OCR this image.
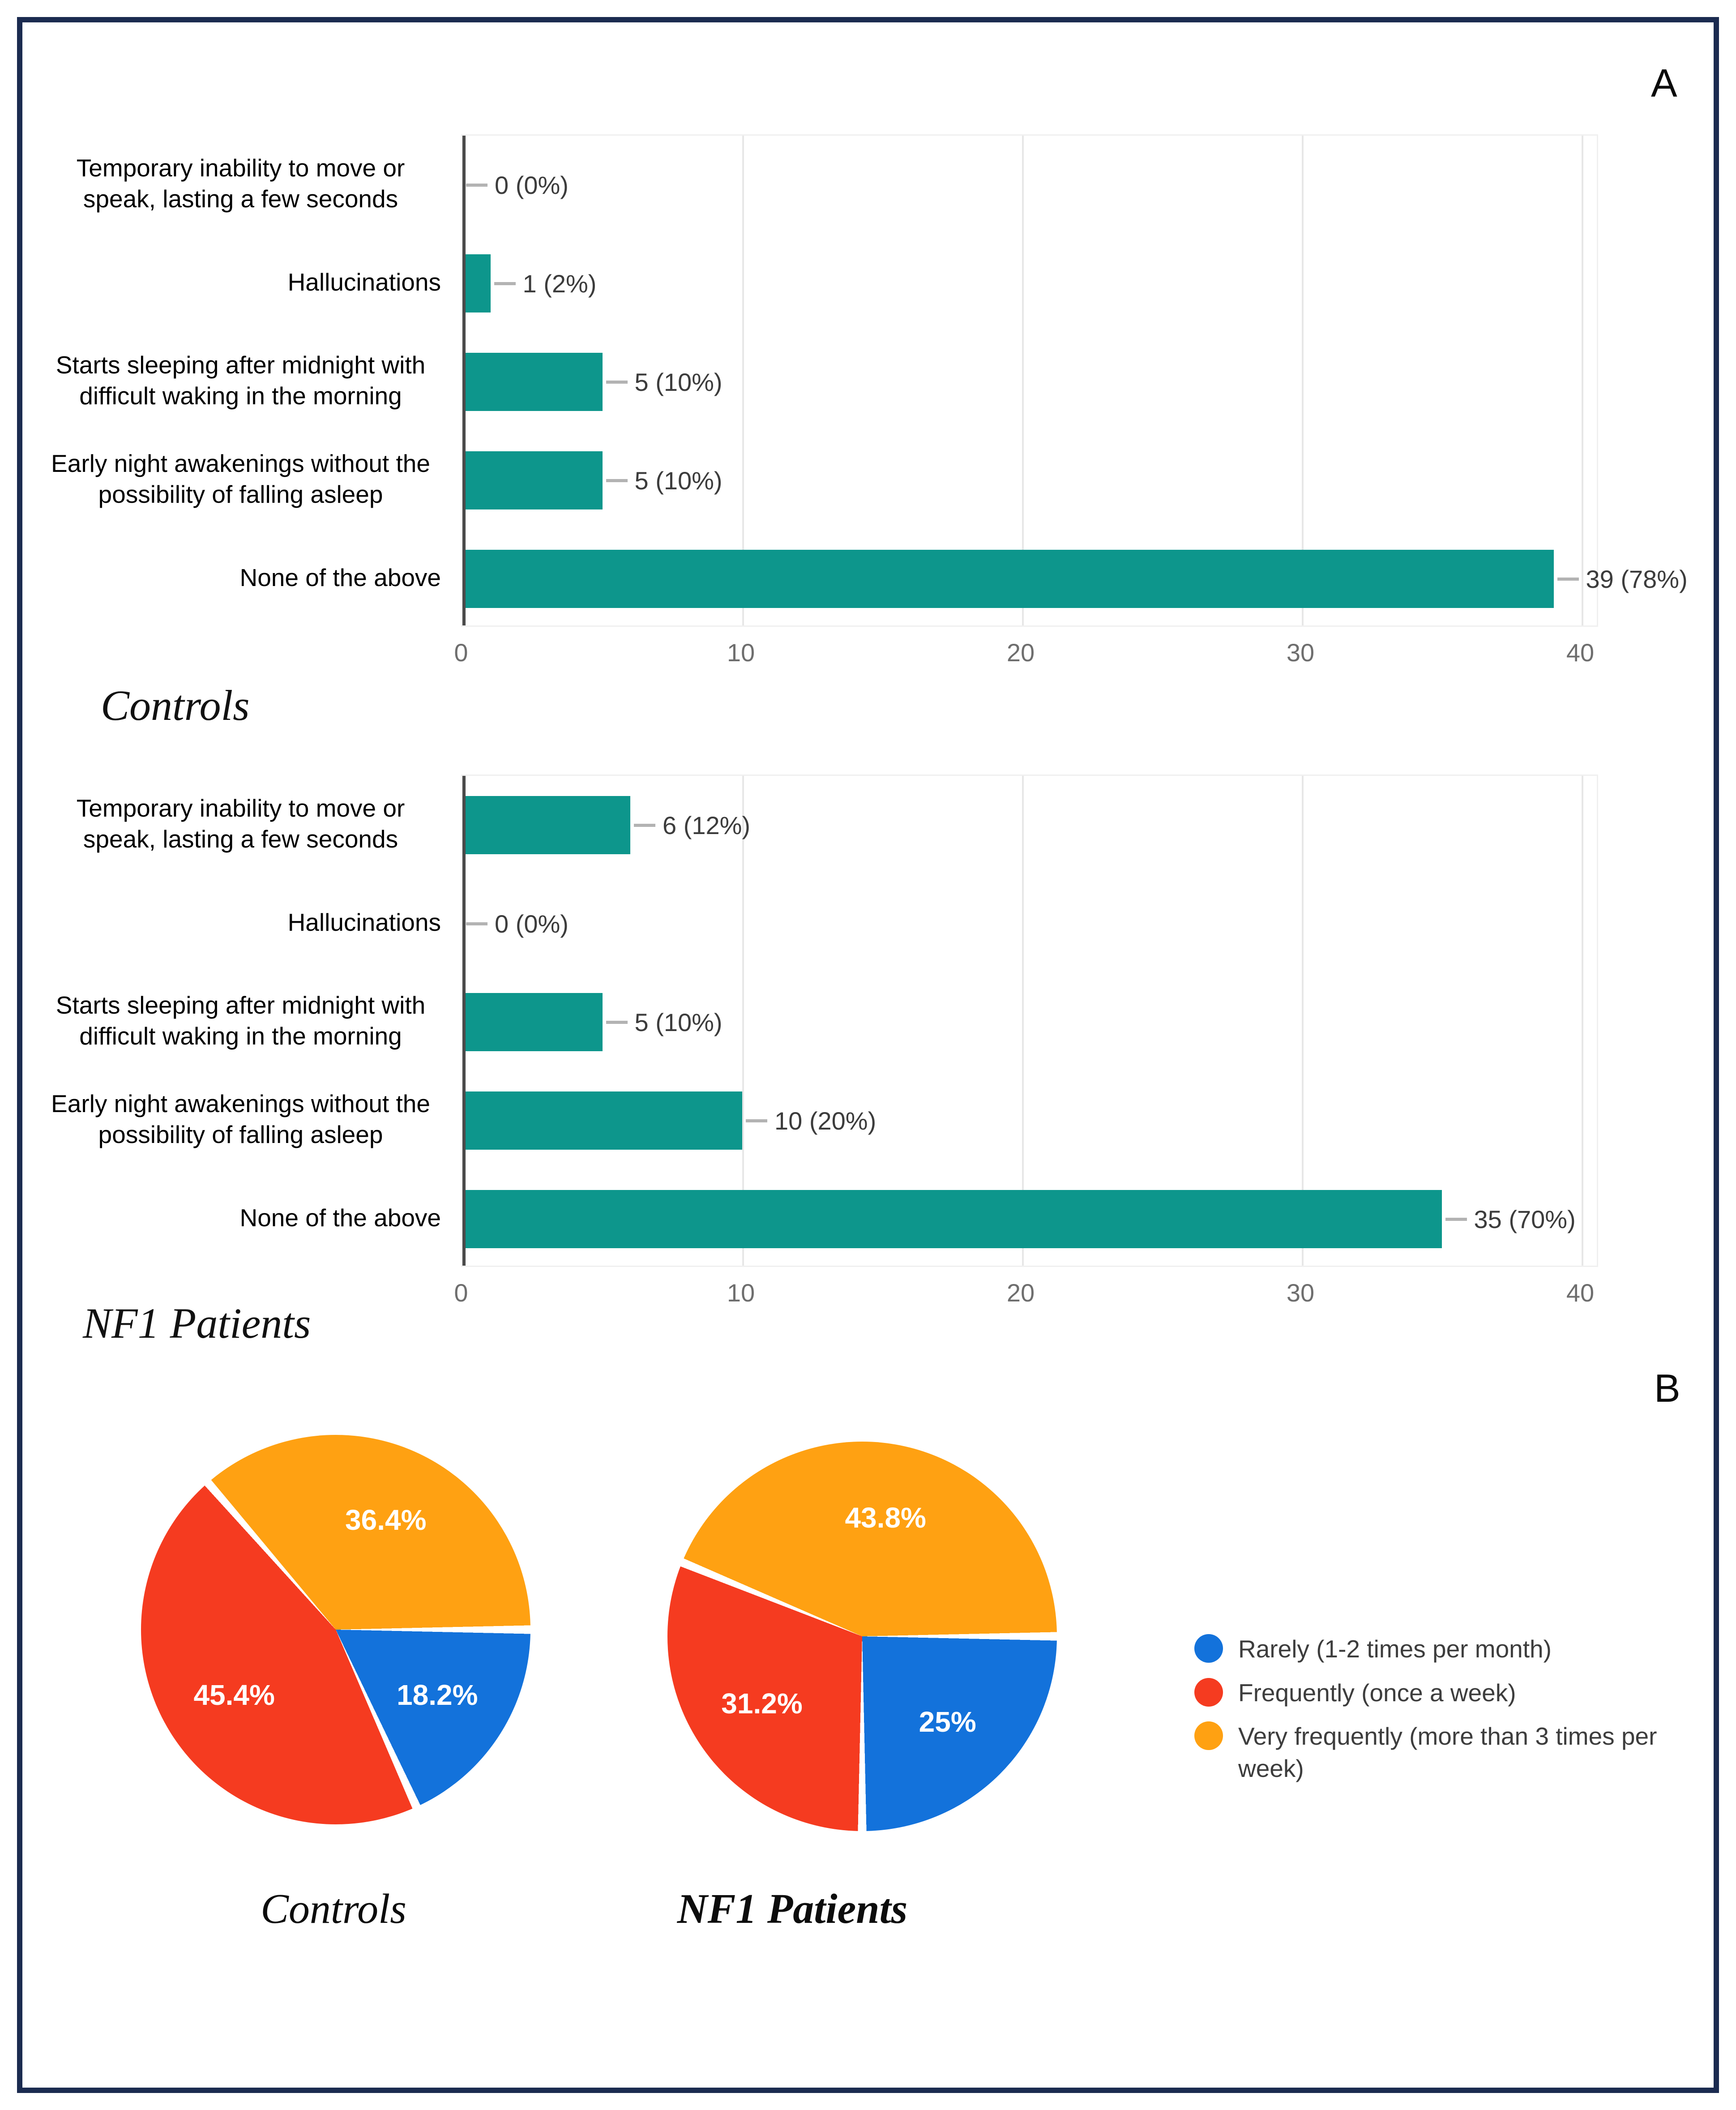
A
Temporary inability to move or speak, lasting a few seconds
Hallucinations
Starts sleeping after midnight with difficult waking in the morning
Early night awakenings without the possibility of falling asleep
None of the above
0 (0%)
1 (2%)
5 (10%)
5 (10%)
39 (78%)
0	10	20	30	40
Controls
Temporary inability to move or speak, lasting a few seconds
Hallucinations
Starts sleeping after midnight with difficult waking in the morning
Early night awakenings without the possibility of falling asleep
None of the above
6 (12%)
0 (0%)
5 (10%)
10 (20%)
35 (70%)
0	10	20	30	40
NF1 Patients
B
18.2%
45.4%
36.4%
25%
31.2%
43.8%
Controls	NF1 Patients
Rarely (1-2 times per month)
Frequently (once a week)
Very frequently (more than 3 times per week)
